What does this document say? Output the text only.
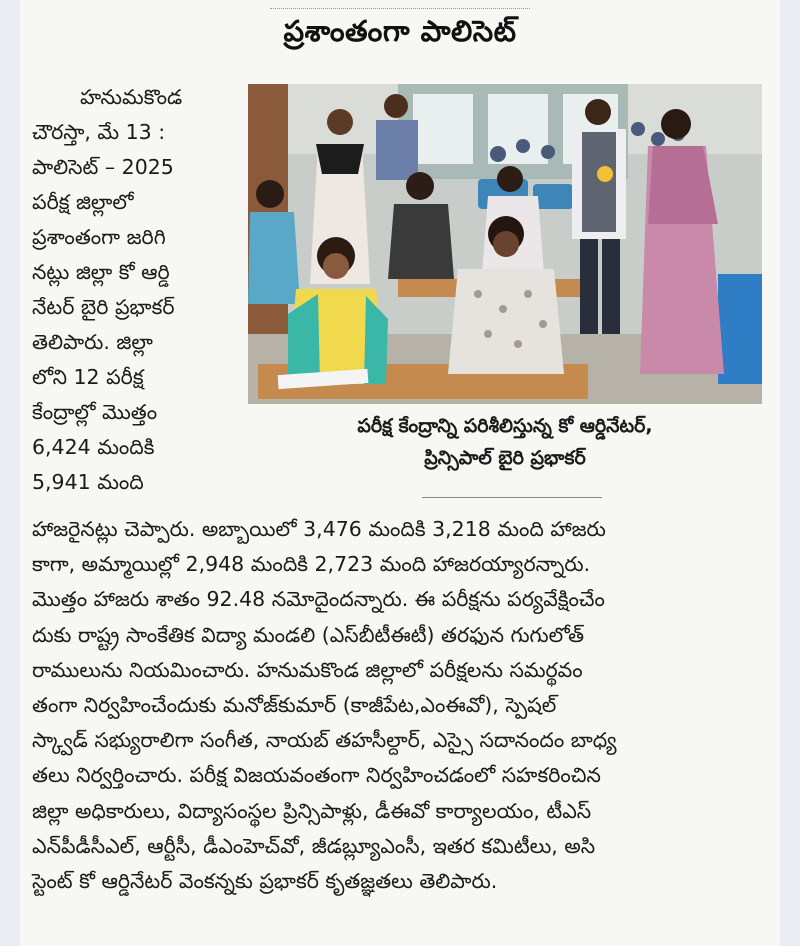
ప్రశాంతంగా పాలిసెట్
హనుమకొండ
చౌరస్తా, మే 13 :
పాలిసెట్ – 2025
పరీక్ష జిల్లాలో
ప్రశాంతంగా జరిగి
నట్లు జిల్లా కో ఆర్డి
నేటర్ బైరి ప్రభాకర్
తెలిపారు. జిల్లా
లోని 12 పరీక్ష
కేంద్రాల్లో మొత్తం
6,424 మందికి
5,941 మంది
పరీక్ష కేంద్రాన్ని పరిశీలిస్తున్న కో ఆర్డినేటర్,
ప్రిన్సిపాల్ బైరి ప్రభాకర్
హాజరైనట్లు చెప్పారు. అబ్బాయిలో 3,476 మందికి 3,218 మంది హాజరు
కాగా, అమ్మాయిల్లో 2,948 మందికి 2,723 మంది హాజరయ్యారన్నారు.
మొత్తం హాజరు శాతం 92.48 నమోదైందన్నారు. ఈ పరీక్షను పర్యవేక్షించేం
దుకు రాష్ట్ర సాంకేతిక విద్యా మండలి (ఎస్‌బీటీఈటీ) తరఫున గుగులోత్
రాములును నియమించారు. హనుమకొండ జిల్లాలో పరీక్షలను సమర్థవం
తంగా నిర్వహించేందుకు మనోజ్‌కుమార్ (కాజీపేట,ఎంఈవో), స్పెషల్
స్క్వాడ్ సభ్యురాలిగా సంగీత, నాయబ్ తహసీల్దార్, ఎస్సై సదానందం బాధ్య
తలు నిర్వర్తించారు. పరీక్ష విజయవంతంగా నిర్వహించడంలో సహకరించిన
జిల్లా అధికారులు, విద్యాసంస్థల ప్రిన్సిపాళ్లు, డీఈవో కార్యాలయం, టీఎస్
ఎన్‌పీడీసీఎల్, ఆర్టీసీ, డీఎంహెచ్‌వో, జీడబ్ల్యూఎంసీ, ఇతర కమిటీలు, అసి
స్టెంట్ కో ఆర్డినేటర్ వెంకన్నకు ప్రభాకర్ కృతజ్ఞతలు తెలిపారు.
